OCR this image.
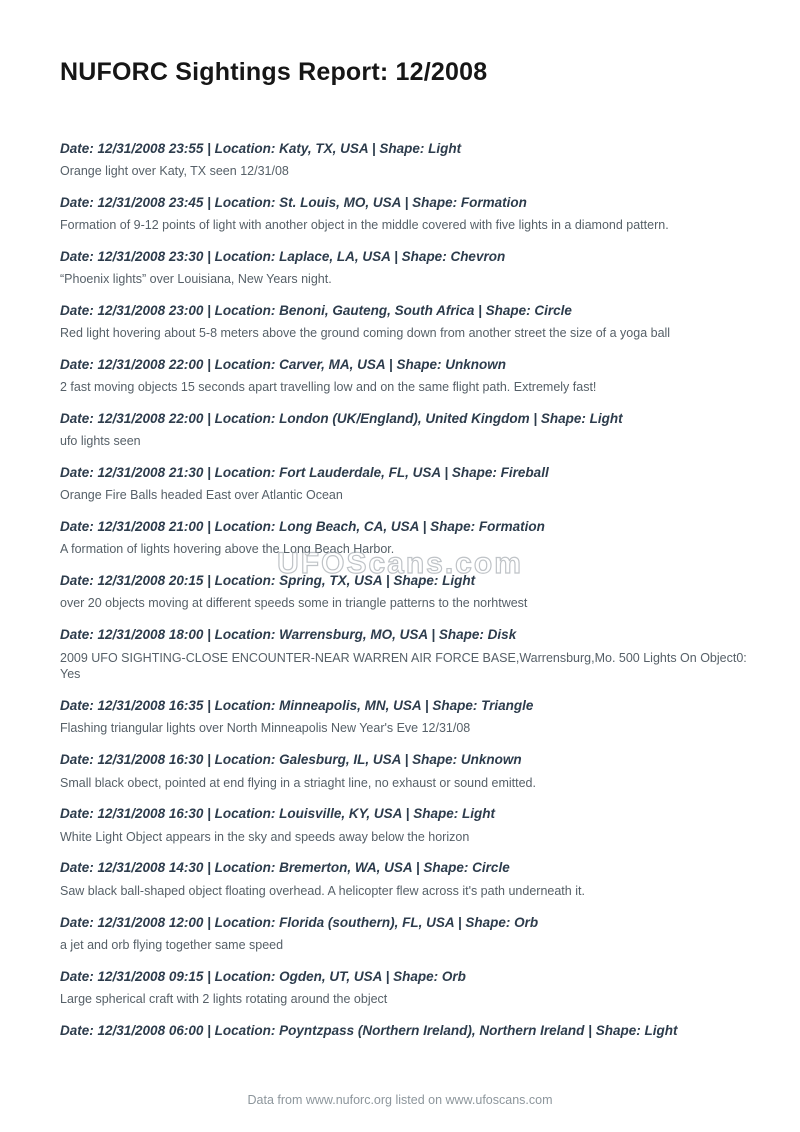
UFOScans.com
NUFORC Sightings Report: 12/2008
Date: 12/31/2008 23:55 | Location: Katy, TX, USA | Shape: Light

Orange light over Katy, TX seen 12/31/08

Date: 12/31/2008 23:45 | Location: St. Louis, MO, USA | Shape: Formation

Formation of 9-12 points of light with another object in the middle covered with five lights in a diamond pattern.

Date: 12/31/2008 23:30 | Location: Laplace, LA, USA | Shape: Chevron

“Phoenix lights” over Louisiana, New Years night.

Date: 12/31/2008 23:00 | Location: Benoni, Gauteng, South Africa | Shape: Circle

Red light hovering about 5-8 meters above the ground coming down from another street the size of a yoga ball

Date: 12/31/2008 22:00 | Location: Carver, MA, USA | Shape: Unknown

2 fast moving objects 15 seconds apart travelling low and on the same flight path. Extremely fast!

Date: 12/31/2008 22:00 | Location: London (UK/England), United Kingdom | Shape: Light

ufo lights seen

Date: 12/31/2008 21:30 | Location: Fort Lauderdale, FL, USA | Shape: Fireball

Orange Fire Balls headed East over Atlantic Ocean

Date: 12/31/2008 21:00 | Location: Long Beach, CA, USA | Shape: Formation

A formation of lights hovering above the Long Beach Harbor.

Date: 12/31/2008 20:15 | Location: Spring, TX, USA | Shape: Light

over 20 objects moving at different speeds some in triangle patterns to the norhtwest

Date: 12/31/2008 18:00 | Location: Warrensburg, MO, USA | Shape: Disk

2009 UFO SIGHTING-CLOSE ENCOUNTER-NEAR WARREN AIR FORCE BASE,Warrensburg,Mo. 500 Lights On Object0: Yes

Date: 12/31/2008 16:35 | Location: Minneapolis, MN, USA | Shape: Triangle

Flashing triangular lights over North Minneapolis New Year's Eve 12/31/08

Date: 12/31/2008 16:30 | Location: Galesburg, IL, USA | Shape: Unknown

Small black obect, pointed at end flying in a striaght line, no exhaust or sound emitted.

Date: 12/31/2008 16:30 | Location: Louisville, KY, USA | Shape: Light

White Light Object appears in the sky and speeds away below the horizon

Date: 12/31/2008 14:30 | Location: Bremerton, WA, USA | Shape: Circle

Saw black ball-shaped object floating overhead. A helicopter flew across it's path underneath it.

Date: 12/31/2008 12:00 | Location: Florida (southern), FL, USA | Shape: Orb

a jet and orb flying together same speed

Date: 12/31/2008 09:15 | Location: Ogden, UT, USA | Shape: Orb

Large spherical craft with 2 lights rotating around the object

Date: 12/31/2008 06:00 | Location: Poyntzpass (Northern Ireland), Northern Ireland | Shape: Light
Data from www.nuforc.org listed on www.ufoscans.com
